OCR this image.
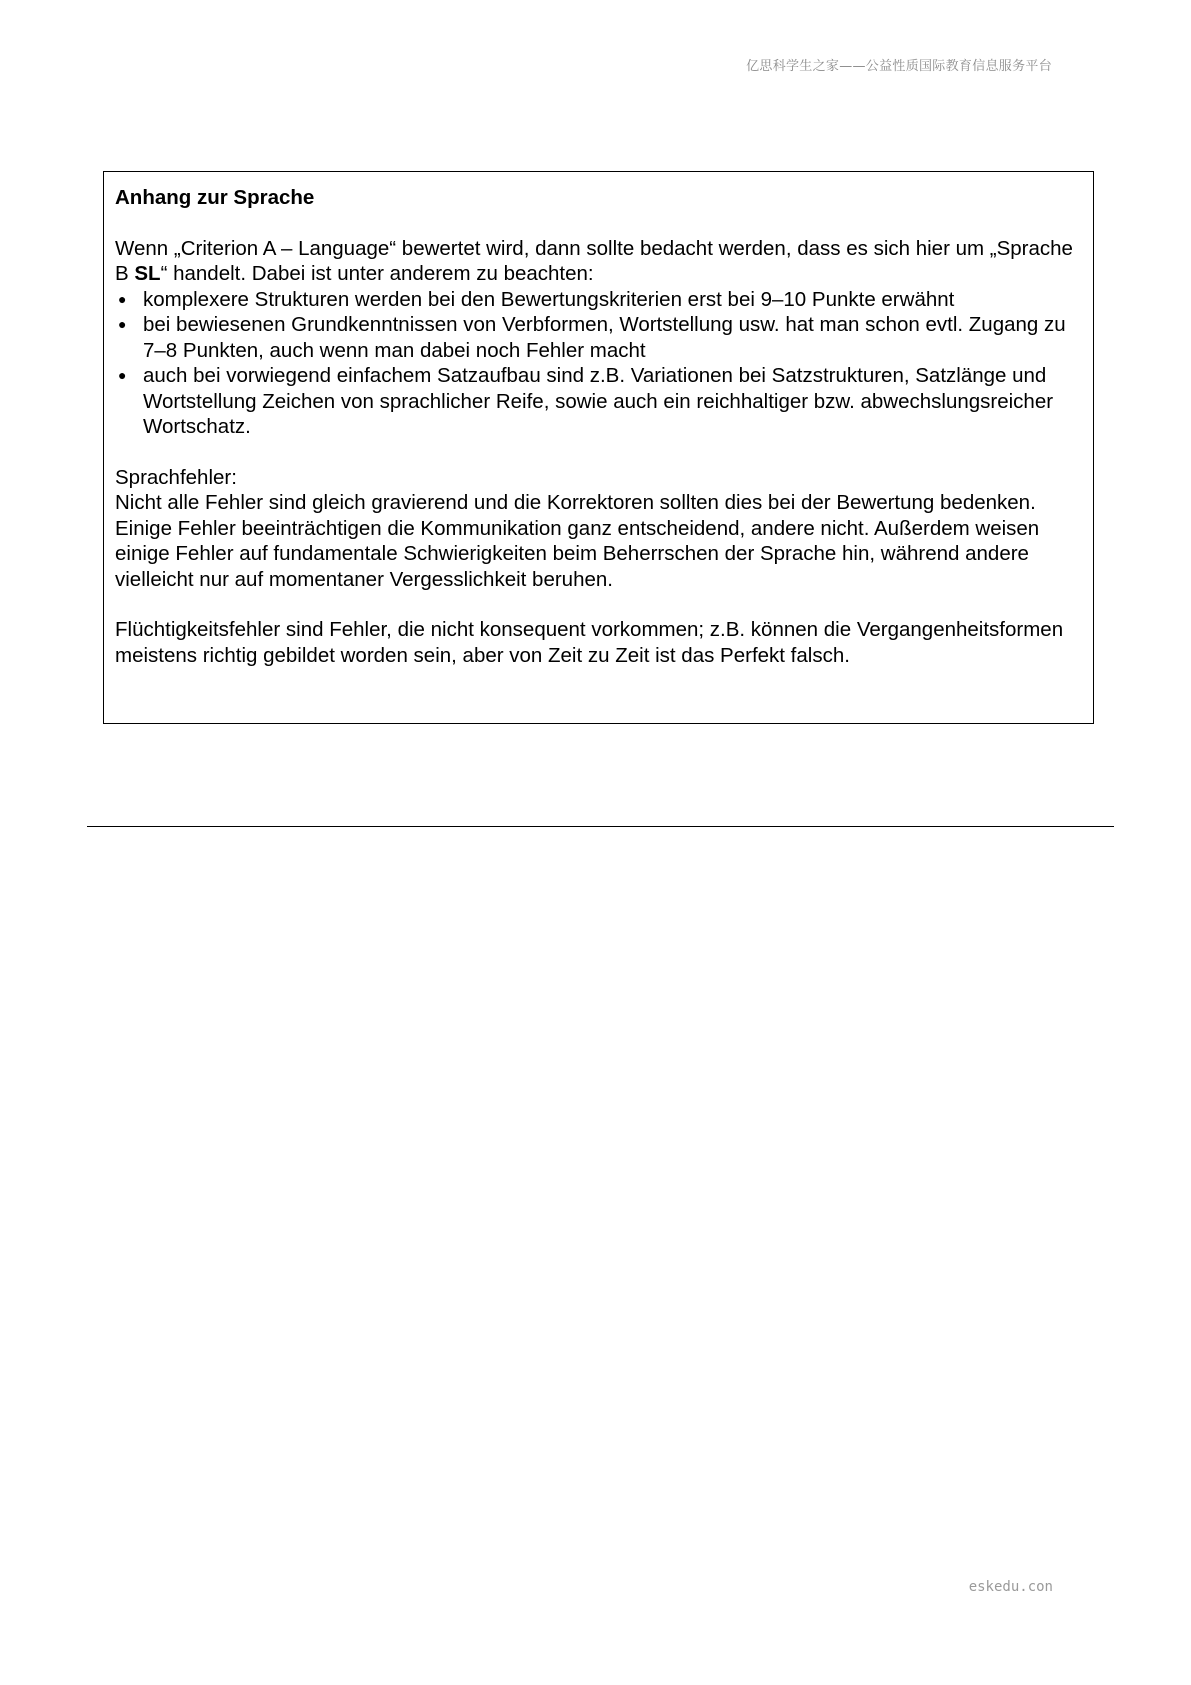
亿思科学生之家——公益性质国际教育信息服务平台

Anhang zur Sprache

Wenn „Criterion A – Language“ bewertet wird, dann sollte bedacht werden, dass es sich hier um „Sprache B SL“ handelt. Dabei ist unter anderem zu beachten:

● komplexere Strukturen werden bei den Bewertungskriterien erst bei 9–10 Punkte erwähnt
● bei bewiesenen Grundkenntnissen von Verbformen, Wortstellung usw. hat man schon evtl. Zugang zu 7–8 Punkten, auch wenn man dabei noch Fehler macht
● auch bei vorwiegend einfachem Satzaufbau sind z.B. Variationen bei Satzstrukturen, Satzlänge und Wortstellung Zeichen von sprachlicher Reife, sowie auch ein reichhaltiger bzw. abwechslungsreicher Wortschatz.

Sprachfehler:

Nicht alle Fehler sind gleich gravierend und die Korrektoren sollten dies bei der Bewertung bedenken. Einige Fehler beeinträchtigen die Kommunikation ganz entscheidend, andere nicht. Außerdem weisen einige Fehler auf fundamentale Schwierigkeiten beim Beherrschen der Sprache hin, während andere vielleicht nur auf momentaner Vergesslichkeit beruhen.

Flüchtigkeitsfehler sind Fehler, die nicht konsequent vorkommen; z.B. können die Vergangenheitsformen meistens richtig gebildet worden sein, aber von Zeit zu Zeit ist das Perfekt falsch.

eskedu.con
